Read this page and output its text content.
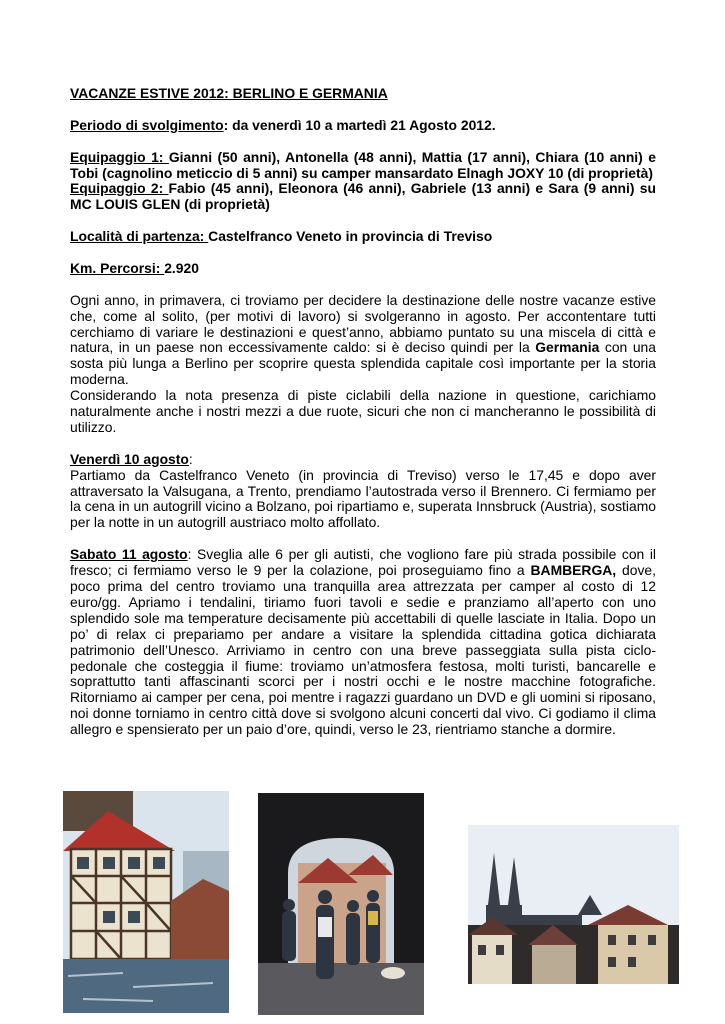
VACANZE ESTIVE 2012: BERLINO E GERMANIA

Periodo di svolgimento: da venerdì 10 a martedì 21 Agosto 2012.

Equipaggio 1: Gianni (50 anni), Antonella (48 anni), Mattia (17 anni), Chiara (10 anni) e Tobi (cagnolino meticcio di 5 anni) su camper mansardato Elnagh JOXY 10 (di proprietà)

Equipaggio 2: Fabio (45 anni), Eleonora (46 anni), Gabriele (13 anni) e Sara (9 anni) su MC LOUIS GLEN (di proprietà)

Località di partenza: Castelfranco Veneto in provincia di Treviso

Km. Percorsi: 2.920

Ogni anno, in primavera, ci troviamo per decidere la destinazione delle nostre vacanze estive che, come al solito, (per motivi di lavoro) si svolgeranno in agosto. Per accontentare tutti cerchiamo di variare le destinazioni e quest’anno, abbiamo puntato su una miscela di città e natura, in un paese non eccessivamente caldo: si è deciso quindi per la Germania con una sosta più lunga a Berlino per scoprire questa splendida capitale così importante per la storia moderna.

Considerando la nota presenza di piste ciclabili della nazione in questione, carichiamo naturalmente anche i nostri mezzi a due ruote, sicuri che non ci mancheranno le possibilità di utilizzo.

Venerdì 10 agosto:

Partiamo da Castelfranco Veneto (in provincia di Treviso) verso le 17,45 e dopo aver attraversato la Valsugana, a Trento, prendiamo l’autostrada verso il Brennero. Ci fermiamo per la cena in un autogrill vicino a Bolzano, poi ripartiamo e, superata Innsbruck (Austria), sostiamo per la notte in un autogrill austriaco molto affollato.

Sabato 11 agosto: Sveglia alle 6 per gli autisti, che vogliono fare più strada possibile con il fresco; ci fermiamo verso le 9 per la colazione, poi proseguiamo fino a BAMBERGA, dove, poco prima del centro troviamo una tranquilla area attrezzata per camper al costo di 12 euro/gg. Apriamo i tendalini, tiriamo fuori tavoli e sedie e pranziamo all’aperto con uno splendido sole ma temperature decisamente più accettabili di quelle lasciate in Italia. Dopo un po’ di relax ci prepariamo per andare a visitare la splendida cittadina gotica dichiarata patrimonio dell’Unesco. Arriviamo in centro con una breve passeggiata sulla pista ciclo-pedonale che costeggia il fiume: troviamo un’atmosfera festosa, molti turisti, bancarelle e soprattutto tanti affascinanti scorci per i nostri occhi e le nostre macchine fotografiche. Ritorniamo ai camper per cena, poi mentre i ragazzi guardano un DVD e gli uomini si riposano, noi donne torniamo in centro città dove si svolgono alcuni concerti dal vivo. Ci godiamo il clima allegro e spensierato per un paio d’ore, quindi, verso le 23, rientriamo stanche a dormire.
